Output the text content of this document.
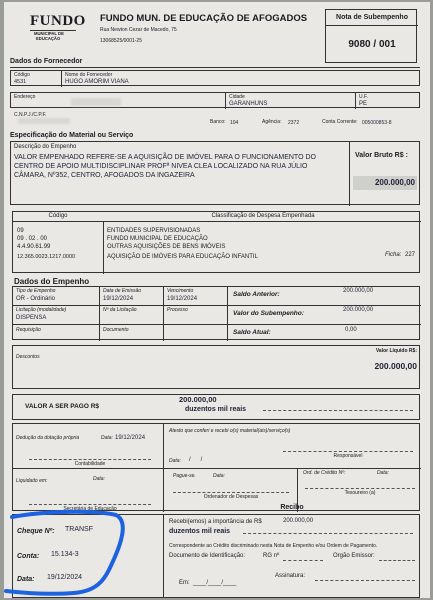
FUNDO
MUNICIPAL DE
EDUCAÇÃO
FUNDO MUN. DE EDUCAÇÃO DE AFOGADOS
Rua Newton Cezar de Macedo, 75
13068525/0001-25
Nota de Subempenho
9080 / 001
Dados do Fornecedor
Código
4531
Nome do Fornecedor
HUGO AMORIM VIANA
Endereço	Cidade
GARANHUNS
U.F.
PE
C.N.P.J./C.P.F.
Banco: 104	Agência: 2372	Conta Corrente: 005000853-8
Especificação do Material ou Serviço
Descrição do Empenho
VALOR EMPENHADO REFERE-SE A AQUISIÇÃO DE IMÓVEL PARA O FUNCIONAMENTO DO
CENTRO DE APOIO MULTIDISCIPLINAR PROFª NIVEA CLEA LOCALIZADO NA RUA JÚLIO
CÂMARA, Nº352, CENTRO, AFOGADOS DA INGAZEIRA
Valor Bruto R$ :
200.000,00
Código	Classificação de Despesa Empenhada
09	ENTIDADES SUPERVISIONADAS
09 . 02 . 00	FUNDO MUNICIPAL DE EDUCAÇÃO
4.4.90.61.99	OUTRAS AQUISIÇÕES DE BENS IMÓVEIS
12.365.0023.1217.0000	AQUISIÇÃO DE IMÓVEIS PARA EDUCAÇÃO INFANTIL	Ficha: 227
Dados do Empenho
Tipo de Empenho
OR - Ordinário
Data de Emissão
19/12/2024
Vencimento
19/12/2024
Licitação (modalidade)
DISPENSA
Nº da Licitação	Processo
Requisição	Documento
Saldo Anterior:	200.000,00
Valor do Subempenho:	200.000,00
Saldo Atual:	0,00
Descontos
Valor Líquido R$:
200.000,00
VALOR A SER PAGO R$
200.000,00
duzentos mil reais
Dedução da dotação própria	Data: 19/12/2024
Contabilidade
Atesto que conferi e recebi o(s) material(ais)/serviço(s)
Data: /      /
Responsável
Liquidado em:	Data:
Secretária de Educação
Pague-se.	Data:
Ordenador de Despesas
Ord. de Crédito Nº:	Data:
Tesoureiro (a)
Recibo
Recebi(emos) a importância de R$	200.000,00
duzentos mil reais
Correspondente ao Crédito discriminado nesta Nota de Empenho e/ou Ordem de Pagamento.
Documento de Identificação:	RG nº	Orgão Emissor:
Em: ____/____/____
Assinatura:
Cheque Nº: TRANSF
Conta: 15.134-3
Data: 19/12/2024
